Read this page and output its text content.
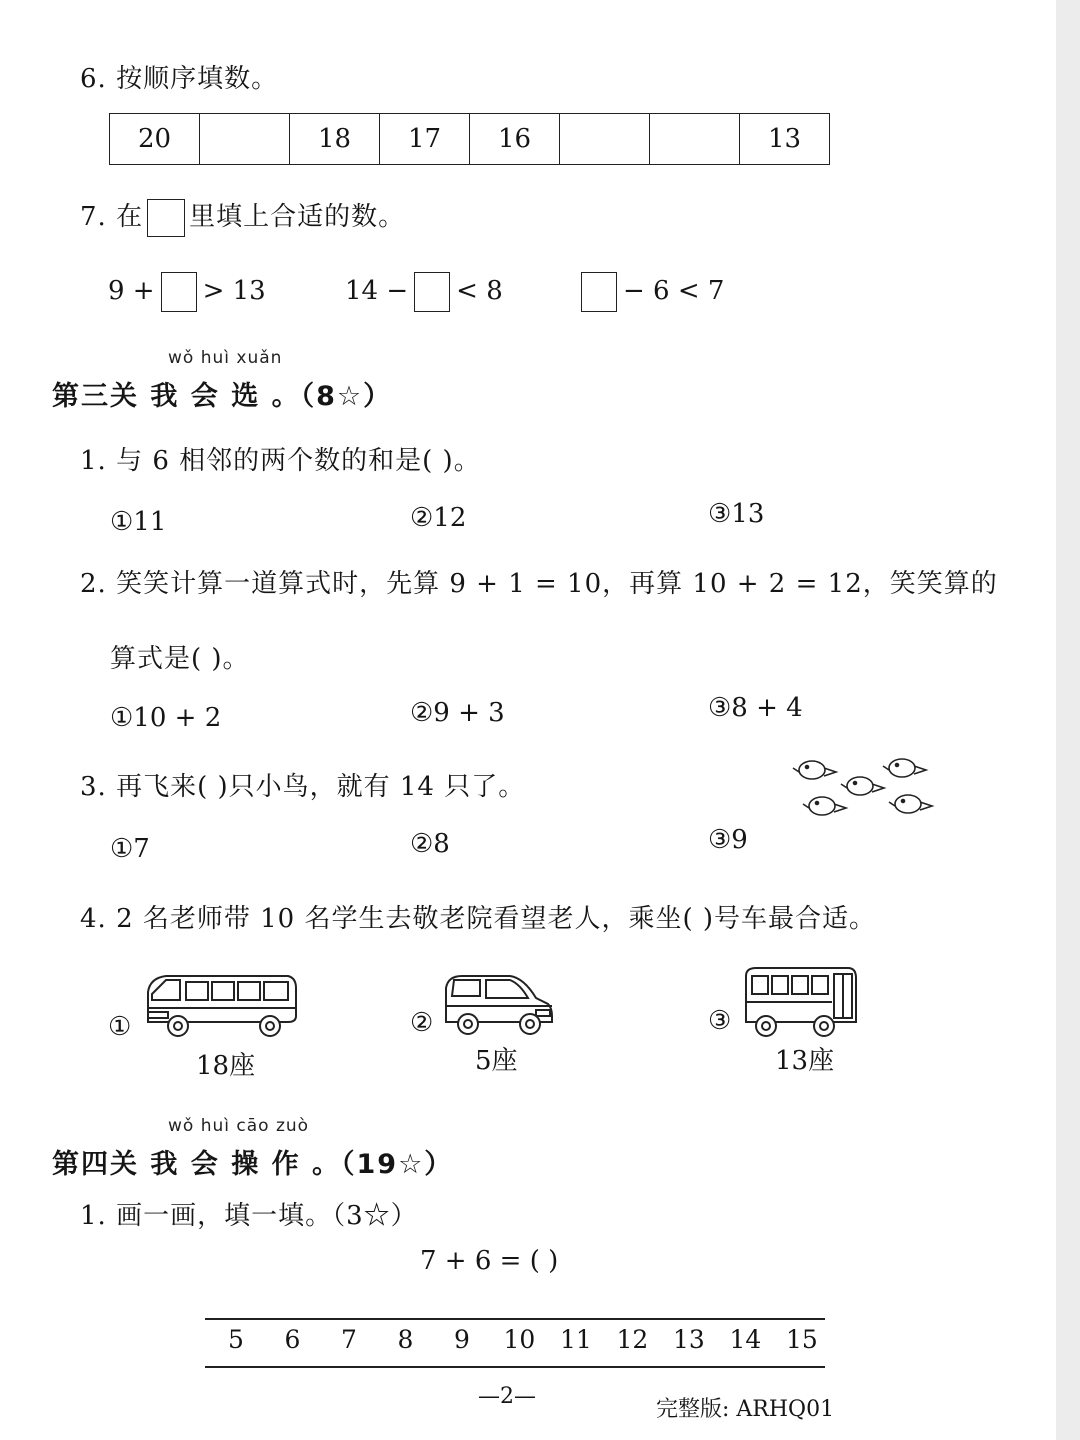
6. 按顺序填数。
20		18	17	16			13
7. 在 里填上合适的数。
9 + > 13	14 − < 8	− 6 < 7
wǒ huì xuǎn
第三关 我 会 选 。（8☆）
1. 与 6 相邻的两个数的和是( )。
①11	②12	③13
2. 笑笑计算一道算式时，先算 9 + 1 = 10，再算 10 + 2 = 12，笑笑算的
算式是( )。
①10 + 2	②9 + 3	③8 + 4
3. 再飞来( )只小鸟，就有 14 只了。
①7	②8	③9
4. 2 名老师带 10 名学生去敬老院看望老人，乘坐( )号车最合适。
①
18座
②
5座
③
13座
wǒ huì cāo zuò
第四关 我 会 操 作 。（19☆）
1. 画一画，填一填。（3☆）
7 + 6 = ( )
5 6 7 8 9 10 11 12 13 14 15
—2—
完整版: ARHQ01
